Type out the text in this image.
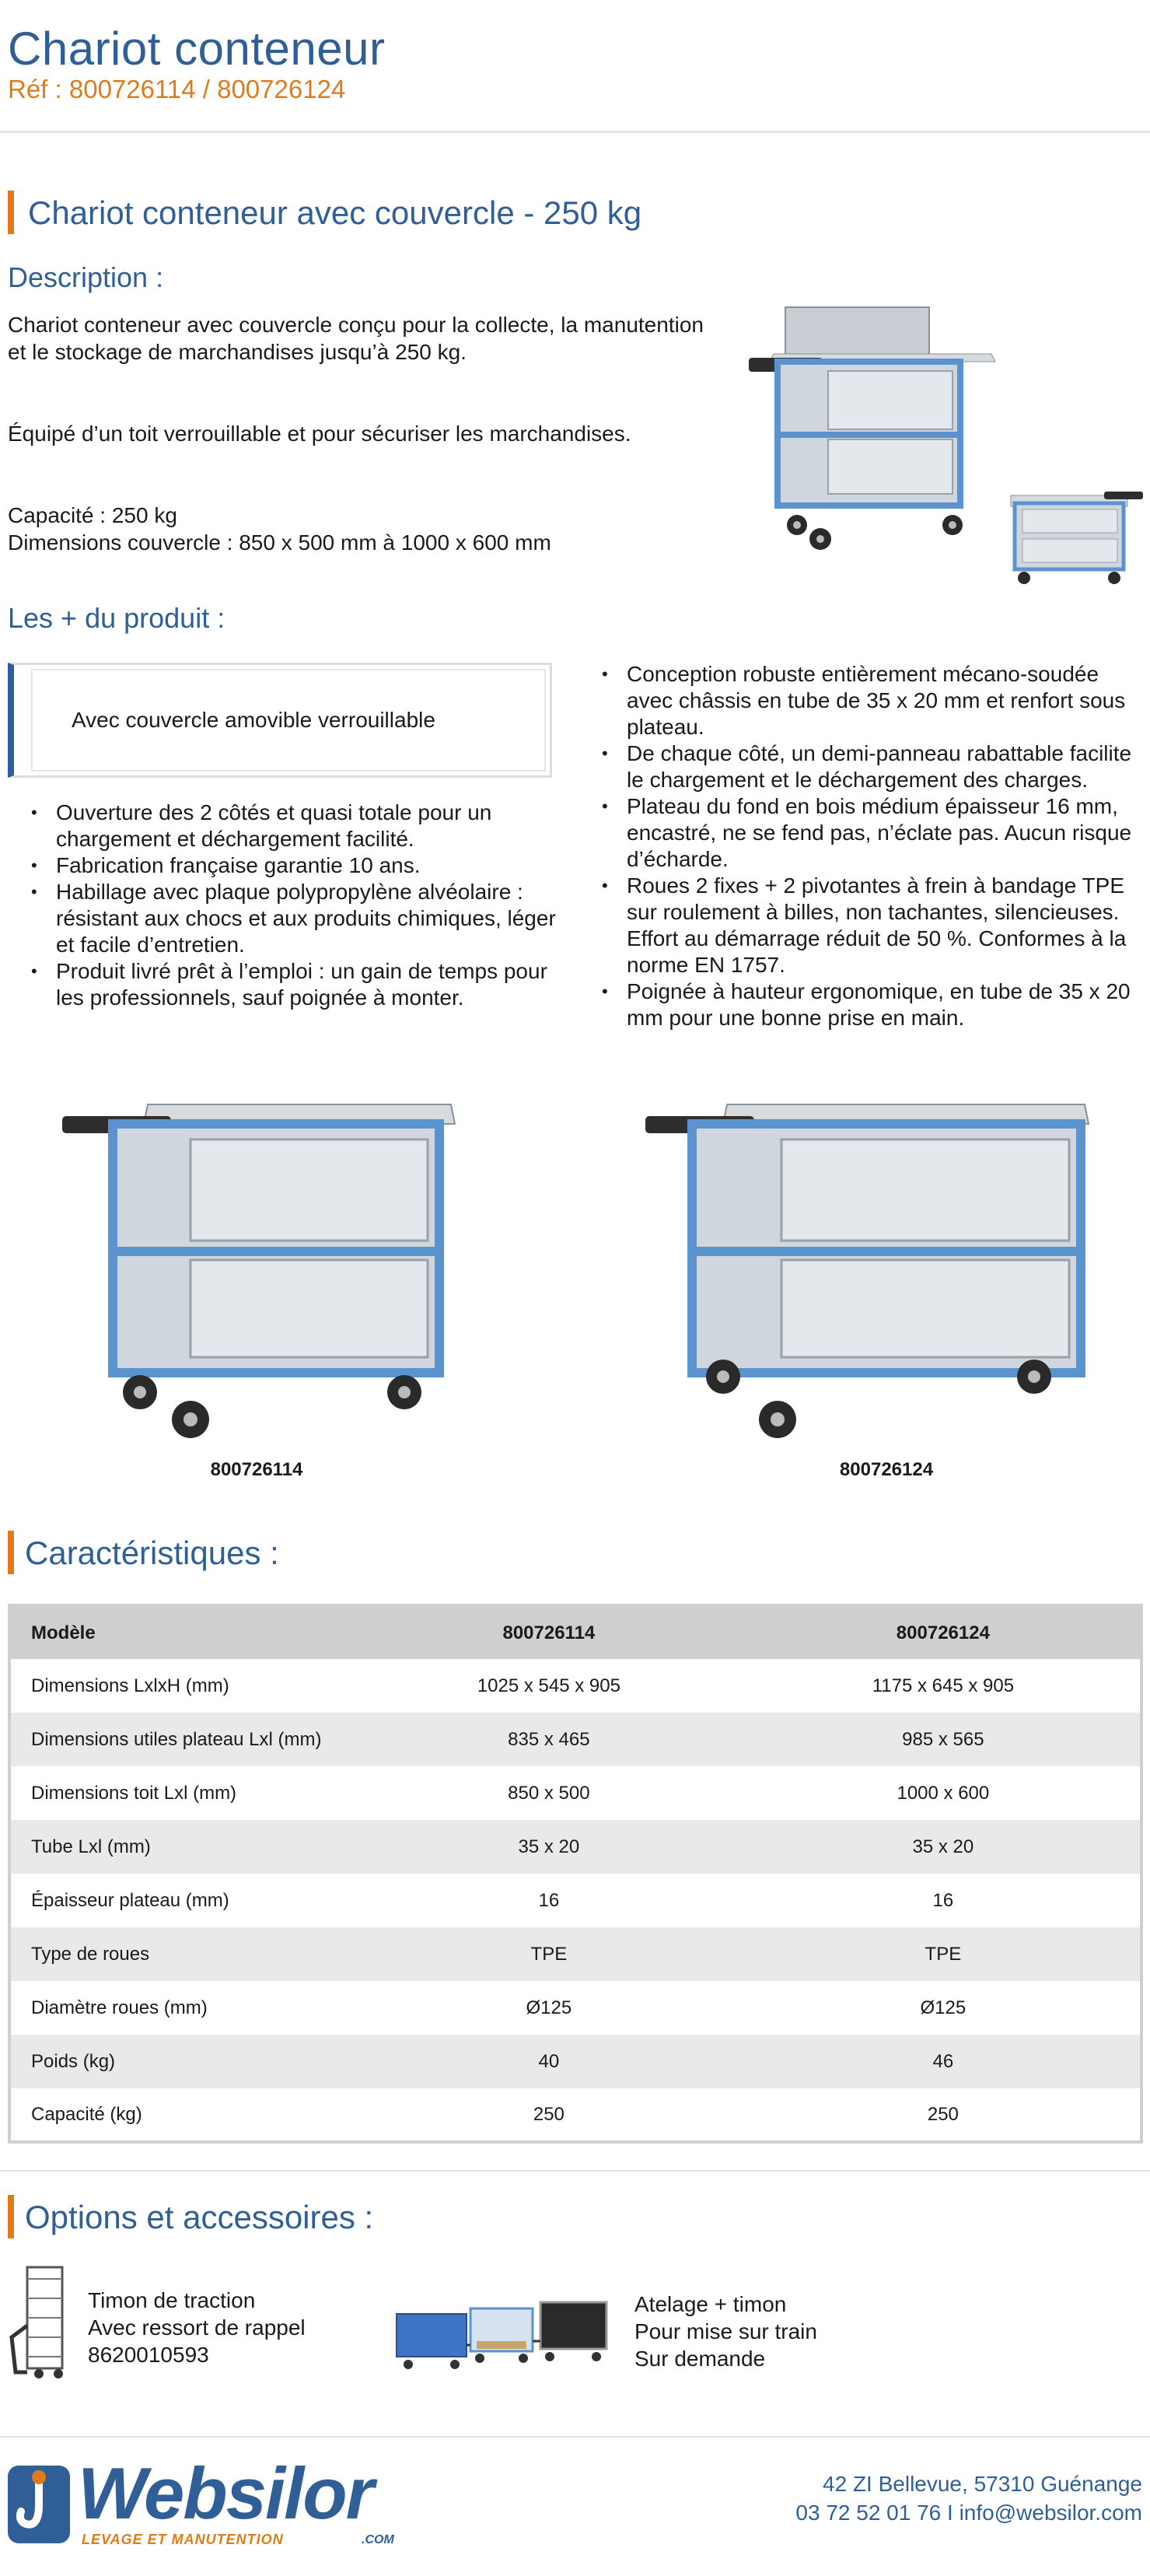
Chariot conteneur
Réf : 800726114 / 800726124
Chariot conteneur avec couvercle - 250 kg
Description :
Chariot conteneur avec couvercle conçu pour la collecte, la manutention
et le stockage de marchandises jusqu’à 250 kg.
Équipé d’un toit verrouillable et pour sécuriser les marchandises.
Capacité : 250 kg
Dimensions couvercle : 850 x 500 mm à 1000 x 600 mm
Les + du produit :
Avec couvercle amovible verrouillable
• Ouverture des 2 côtés et quasi totale pour un chargement et déchargement facilité.
• Fabrication française garantie 10 ans.
• Habillage avec plaque polypropylène alvéolaire : résistant aux chocs et aux produits chimiques, léger et facile d’entretien.
• Produit livré prêt à l’emploi : un gain de temps pour les professionnels, sauf poignée à monter.
• Conception robuste entièrement mécano-soudée avec châssis en tube de 35 x 20 mm et renfort sous plateau.
• De chaque côté, un demi-panneau rabattable facilite le chargement et le déchargement des charges.
• Plateau du fond en bois médium épaisseur 16 mm, encastré, ne se fend pas, n’éclate pas. Aucun risque d’écharde.
• Roues 2 fixes + 2 pivotantes à frein à bandage TPE sur roulement à billes, non tachantes, silencieuses. Effort au démarrage réduit de 50 %. Conformes à la norme EN 1757.
• Poignée à hauteur ergonomique, en tube de 35 x 20 mm pour une bonne prise en main.
800726114	800726124
Caractéristiques :
Modèle	800726114	800726124
Dimensions LxlxH (mm)	1025 x 545 x 905	1175 x 645 x 905
Dimensions utiles plateau Lxl (mm)	835 x 465	985 x 565
Dimensions toit Lxl (mm)	850 x 500	1000 x 600
Tube Lxl (mm)	35 x 20	35 x 20
Épaisseur plateau (mm)	16	16
Type de roues	TPE	TPE
Diamètre roues (mm)	Ø125	Ø125
Poids (kg)	40	46
Capacité (kg)	250	250
Options et accessoires :
Timon de traction
Avec ressort de rappel
8620010593
Atelage + timon
Pour mise sur train
Sur demande
Websilor
LEVAGE ET MANUTENTION	.COM
42 ZI Bellevue, 57310 Guénange
03 72 52 01 76 I info@websilor.com
